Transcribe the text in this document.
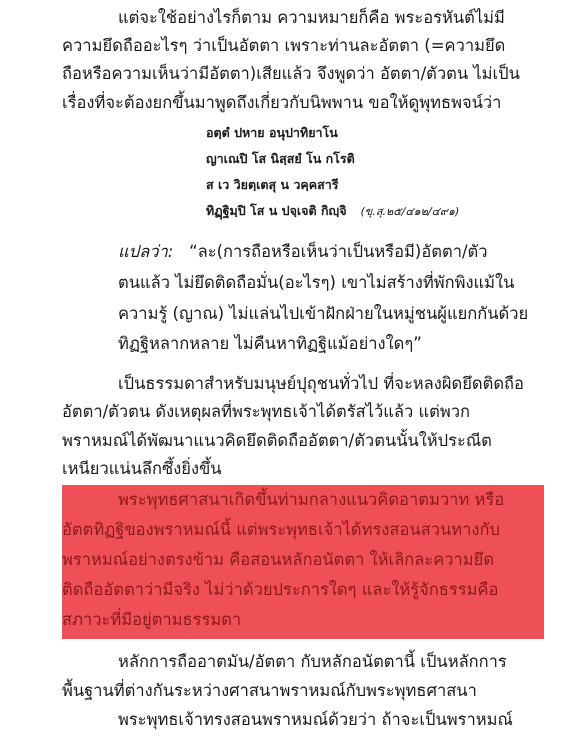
แต่จะใช้อย่างไรก็ตาม ความหมายก็คือ พระอรหันต์ไม่มี
ความยึดถืออะไรๆ ว่าเป็นอัตตา เพราะท่านละอัตตา (=ความยึด
ถือหรือความเห็นว่ามีอัตตา)เสียแล้ว จึงพูดว่า อัตตา/ตัวตน ไม่เป็น
เรื่องที่จะต้องยกขึ้นมาพูดถึงเกี่ยวกับนิพพาน ขอให้ดูพุทธพจน์ว่า
อตฺตํ ปหาย อนุปาทิยาโน
ญาเณปิ โส นิสฺสยํ โน กโรติ
ส เว วิยตฺเตสุ น วคฺคสารี
ทิฏฺฐิมฺปิ โส น ปจฺเจติ กิญฺจิ (ขุ.สุ.๒๕/๔๑๒/๔๙๑)
แปลว่า: “ละ(การถือหรือเห็นว่าเป็นหรือมี)อัตตา/ตัว
ตนแล้ว ไม่ยึดติดถือมั่น(อะไรๆ) เขาไม่สร้างที่พักพิงแม้ใน
ความรู้ (ญาณ) ไม่แล่นไปเข้าฝักฝ่ายในหมู่ชนผู้แยกกันด้วย
ทิฏฐิหลากหลาย ไม่คืนหาทิฏฐิแม้อย่างใดๆ”
เป็นธรรมดาสำหรับมนุษย์ปุถุชนทั่วไป ที่จะหลงผิดยึดติดถือ
อัตตา/ตัวตน ดังเหตุผลที่พระพุทธเจ้าได้ตรัสไว้แล้ว แต่พวก
พราหมณ์ได้พัฒนาแนวคิดยึดติดถืออัตตา/ตัวตนนั้นให้ประณีต
เหนียวแน่นลึกซึ้งยิ่งขึ้น
พระพุทธศาสนาเกิดขึ้นท่ามกลางแนวคิดอาตมวาท หรือ
อัตตทิฏฐิของพราหมณ์นี้ แต่พระพุทธเจ้าได้ทรงสอนสวนทางกับ
พราหมณ์อย่างตรงข้าม คือสอนหลักอนัตตา ให้เลิกละความยึด
ติดถืออัตตาว่ามีจริง ไม่ว่าด้วยประการใดๆ และให้รู้จักธรรมคือ
สภาวะที่มีอยู่ตามธรรมดา
หลักการถืออาตมัน/อัตตา กับหลักอนัตตานี้ เป็นหลักการ
พื้นฐานที่ต่างกันระหว่างศาสนาพราหมณ์กับพระพุทธศาสนา
พระพุทธเจ้าทรงสอนพราหมณ์ด้วยว่า ถ้าจะเป็นพราหมณ์
